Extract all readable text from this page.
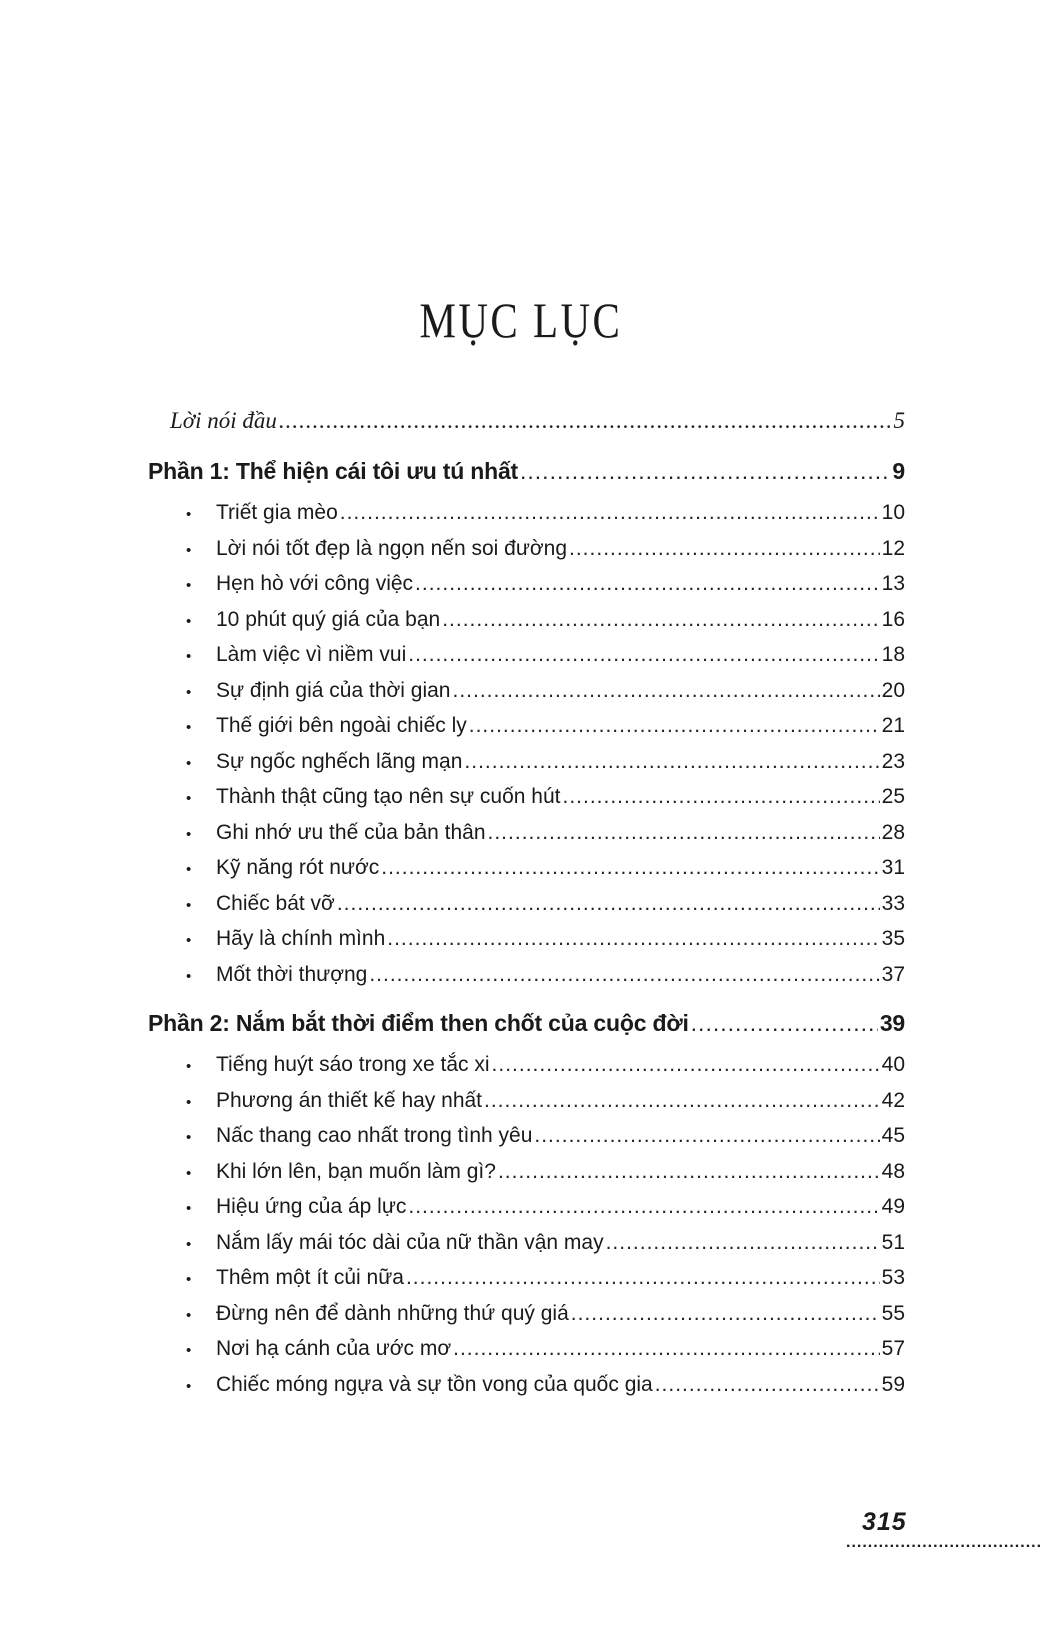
MỤC LỤC
Lời nói đầu .....	5
Phần 1: Thể hiện cái tôi ưu tú nhất .....	9
• Triết gia mèo .....	10
• Lời nói tốt đẹp là ngọn nến soi đường .....	12
• Hẹn hò với công việc .....	13
• 10 phút quý giá của bạn .....	16
• Làm việc vì niềm vui .....	18
• Sự định giá của thời gian .....	20
• Thế giới bên ngoài chiếc ly .....	21
• Sự ngốc nghếch lãng mạn .....	23
• Thành thật cũng tạo nên sự cuốn hút .....	25
• Ghi nhớ ưu thế của bản thân .....	28
• Kỹ năng rót nước .....	31
• Chiếc bát vỡ .....	33
• Hãy là chính mình .....	35
• Mốt thời thượng .....	37
Phần 2: Nắm bắt thời điểm then chốt của cuộc đời .....	39
• Tiếng huýt sáo trong xe tắc xi .....	40
• Phương án thiết kế hay nhất .....	42
• Nấc thang cao nhất trong tình yêu .....	45
• Khi lớn lên, bạn muốn làm gì? .....	48
• Hiệu ứng của áp lực .....	49
• Nắm lấy mái tóc dài của nữ thần vận may .....	51
• Thêm một ít củi nữa .....	53
• Đừng nên để dành những thứ quý giá .....	55
• Nơi hạ cánh của ước mơ .....	57
• Chiếc móng ngựa và sự tồn vong của quốc gia .....	59
315
.....
